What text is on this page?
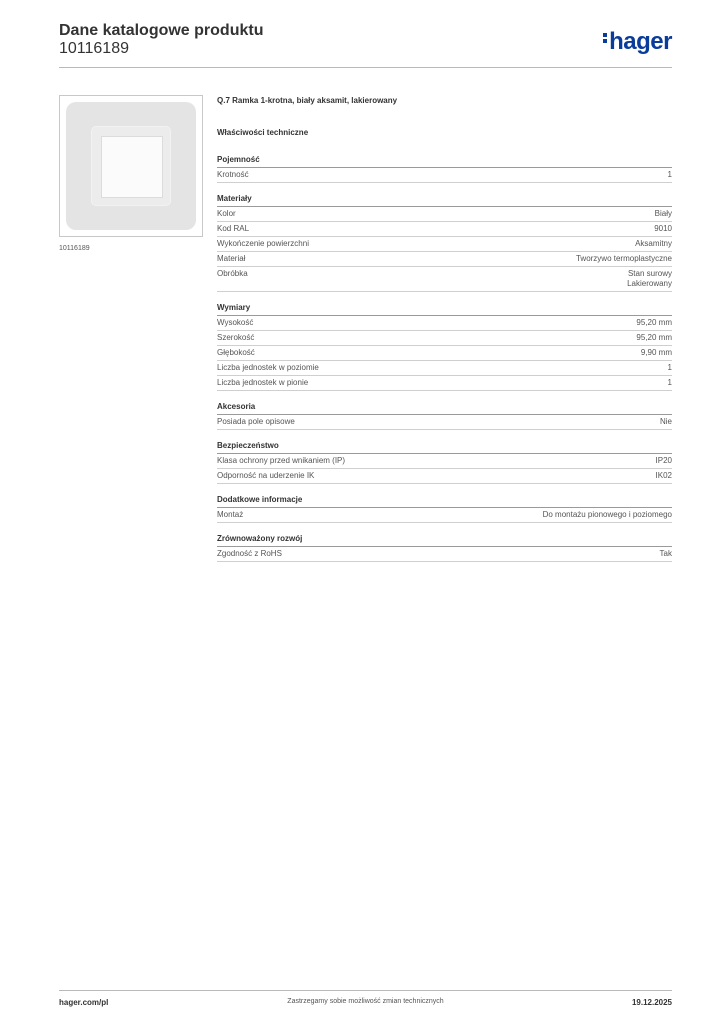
Dane katalogowe produktu
10116189	hager
10116189
Q.7 Ramka 1-krotna, biały aksamit, lakierowany
Właściwości techniczne
Pojemność
Krotność	1
Materiały
Kolor	Biały
Kod RAL	9010
Wykończenie powierzchni	Aksamitny
Materiał	Tworzywo termoplastyczne
Obróbka	Stan surowy
Lakierowany
Wymiary
Wysokość	95,20 mm
Szerokość	95,20 mm
Głębokość	9,90 mm
Liczba jednostek w poziomie	1
Liczba jednostek w pionie	1
Akcesoria
Posiada pole opisowe	Nie
Bezpieczeństwo
Klasa ochrony przed wnikaniem (IP)	IP20
Odporność na uderzenie IK	IK02
Dodatkowe informacje
Montaż	Do montażu pionowego i poziomego
Zrównoważony rozwój
Zgodność z RoHS	Tak
hager.com/pl	Zastrzegamy sobie możliwość zmian technicznych	19.12.2025
